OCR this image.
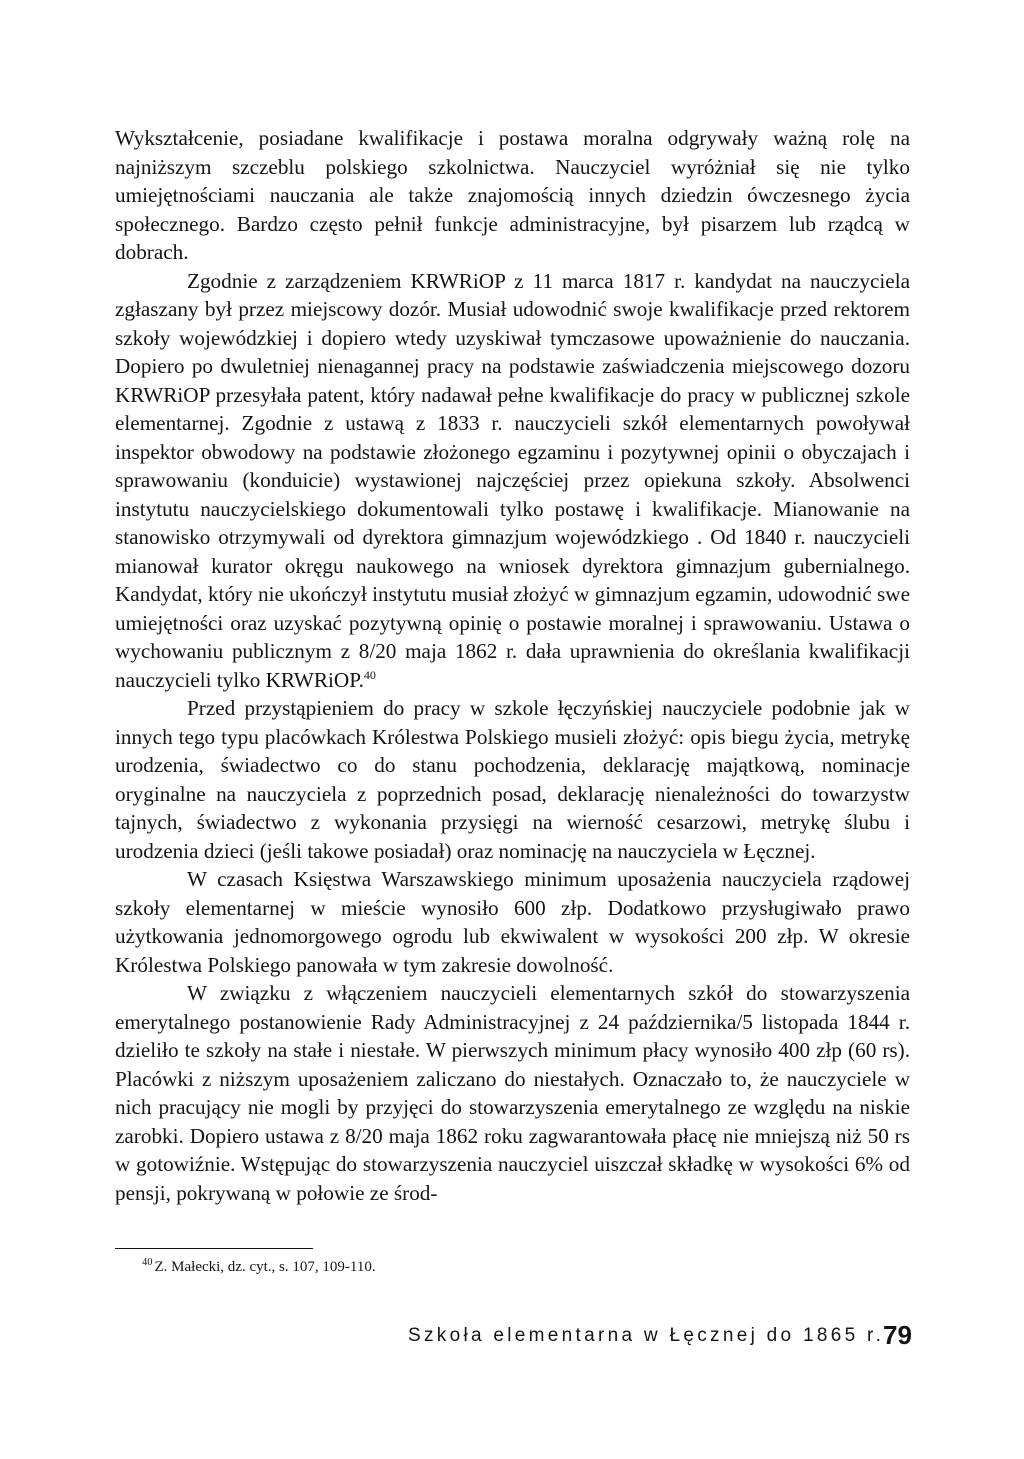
Wykształcenie, posiadane kwalifikacje i postawa moralna odgrywały ważną rolę na najniższym szczeblu polskiego szkolnictwa. Nauczyciel wyróżniał się nie tylko umiejętnościami nauczania ale także znajomością innych dziedzin ówczesnego życia społecznego. Bardzo często pełnił funkcje administracyjne, był pisarzem lub rządcą w dobrach.

Zgodnie z zarządzeniem KRWRiOP z 11 marca 1817 r. kandydat na nauczyciela zgłaszany był przez miejscowy dozór. Musiał udowodnić swoje kwalifikacje przed rektorem szkoły wojewódzkiej i dopiero wtedy uzyskiwał tymczasowe upoważnienie do nauczania. Dopiero po dwuletniej nienagannej pracy na podstawie zaświadczenia miejscowego dozoru KRWRiOP przesyłała patent, który nadawał pełne kwalifikacje do pracy w publicznej szkole elementarnej. Zgodnie z ustawą z 1833 r. nauczycieli szkół elementarnych powoływał inspektor obwodowy na podstawie złożonego egzaminu i pozytywnej opinii o obyczajach i sprawowaniu (konduicie) wystawionej najczęściej przez opiekuna szkoły. Absolwenci instytutu nauczycielskiego dokumentowali tylko postawę i kwalifikacje. Mianowanie na stanowisko otrzymywali od dyrektora gimnazjum wojewódzkiego . Od 1840 r. nauczycieli mianował kurator okręgu naukowego na wniosek dyrektora gimnazjum gubernialnego. Kandydat, który nie ukończył instytutu musiał złożyć w gimnazjum egzamin, udowodnić swe umiejętności oraz uzyskać pozytywną opinię o postawie moralnej i sprawowaniu. Ustawa o wychowaniu publicznym z 8/20 maja 1862 r. dała uprawnienia do określania kwalifikacji nauczycieli tylko KRWRiOP.$^{40}$

Przed przystąpieniem do pracy w szkole łęczyńskiej nauczyciele podobnie jak w innych tego typu placówkach Królestwa Polskiego musieli złożyć: opis biegu życia, metrykę urodzenia, świadectwo co do stanu pochodzenia, deklarację majątkową, nominacje oryginalne na nauczyciela z poprzednich posad, deklarację nienależności do towarzystw tajnych, świadectwo z wykonania przysięgi na wierność cesarzowi, metrykę ślubu i urodzenia dzieci (jeśli takowe posiadał) oraz nominację na nauczyciela w Łęcznej.

W czasach Księstwa Warszawskiego minimum uposażenia nauczyciela rządowej szkoły elementarnej w mieście wynosiło 600 złp. Dodatkowo przysługiwało prawo użytkowania jednomorgowego ogrodu lub ekwiwalent w wysokości 200 złp. W okresie Królestwa Polskiego panowała w tym zakresie dowolność.

W związku z włączeniem nauczycieli elementarnych szkół do stowarzyszenia emerytalnego postanowienie Rady Administracyjnej z 24 października/5 listopada 1844 r. dzieliło te szkoły na stałe i niestałe. W pierwszych minimum płacy wynosiło 400 złp (60 rs). Placówki z niższym uposażeniem zaliczano do niestałych. Oznaczało to, że nauczyciele w nich pracujący nie mogli by przyjęci do stowarzyszenia emerytalnego ze względu na niskie zarobki. Dopiero ustawa z 8/20 maja 1862 roku zagwarantowała płacę nie mniejszą niż 50 rs w gotowiźnie. Wstępując do stowarzyszenia nauczyciel uiszczał składkę w wysokości 6% od pensji, pokrywaną w połowie ze środ-

$^{40}$ Z. Małecki, dz. cyt., s. 107, 109-110.
Szkoła elementarna w Łęcznej do 1865 r.
79
